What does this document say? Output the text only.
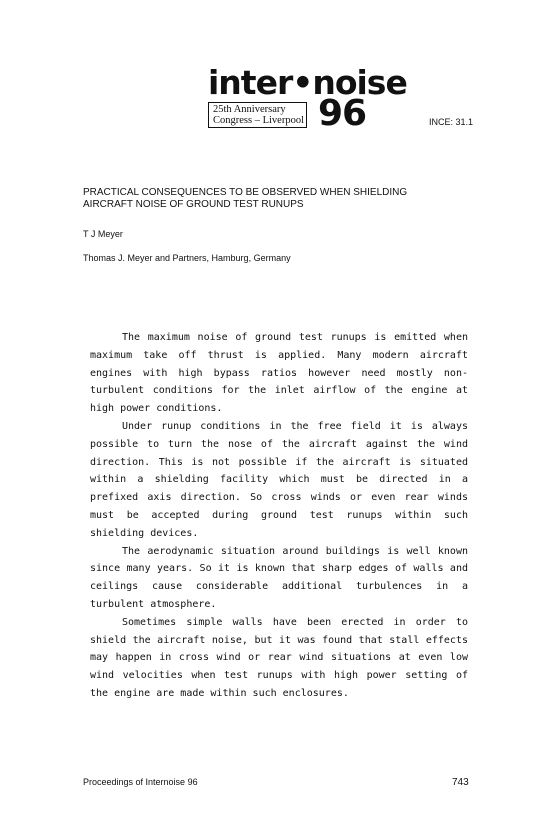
inter•noise
25th Anniversary
Congress – Liverpool 96	INCE: 31.1
PRACTICAL CONSEQUENCES TO BE OBSERVED WHEN SHIELDING
AIRCRAFT NOISE OF GROUND TEST RUNUPS
T J Meyer
Thomas J. Meyer and Partners, Hamburg, Germany

The maximum noise of ground test runups is emitted when maximum take off thrust is applied. Many modern aircraft engines with high bypass ratios however need mostly non-turbulent conditions for the inlet airflow of the engine at high power conditions.

Under runup conditions in the free field it is always possible to turn the nose of the aircraft against the wind direction. This is not possible if the aircraft is situated within a shielding facility which must be directed in a prefixed axis direction. So cross winds or even rear winds must be accepted during ground test runups within such shielding devices.

The aerodynamic situation around buildings is well known since many years. So it is known that sharp edges of walls and ceilings cause considerable additional turbulences in a turbulent atmosphere.

Sometimes simple walls have been erected in order to shield the aircraft noise, but it was found that stall effects may happen in cross wind or rear wind situations at even low wind velocities when test runups with high power setting of the engine are made within such enclosures.

Proceedings of Internoise 96	743
